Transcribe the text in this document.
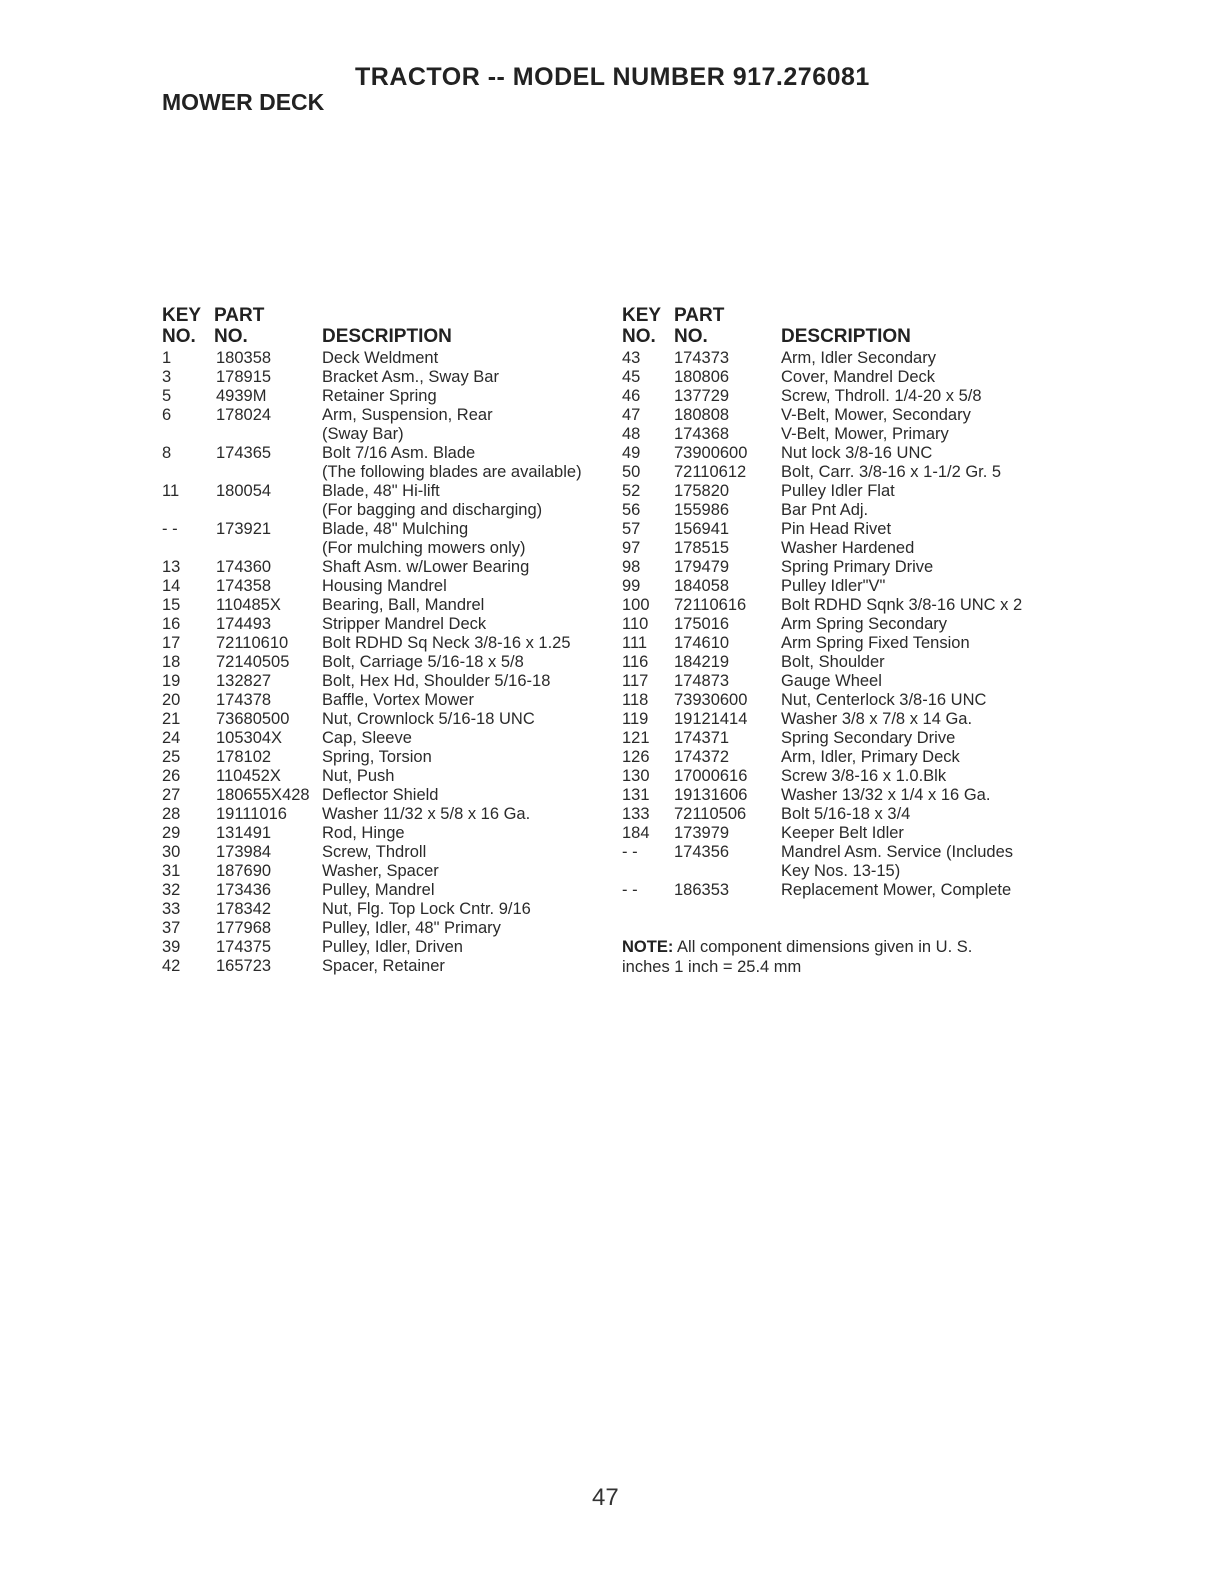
TRACTOR -- MODEL NUMBER 917.276081
MOWER DECK
KEY PART
NO. NO.	DESCRIPTION
1	180358	Deck Weldment
3	178915	Bracket Asm., Sway Bar
5	4939M	Retainer Spring
6	178024	Arm, Suspension, Rear
(Sway Bar)
8	174365	Bolt 7/16 Asm. Blade
(The following blades are available)
11 180054	Blade, 48" Hi-lift
(For bagging and discharging)
- - 173921	Blade, 48" Mulching
(For mulching mowers only)
13 174360	Shaft Asm. w/Lower Bearing
14 174358	Housing Mandrel
15 110485X Bearing, Ball, Mandrel
16 174493	Stripper Mandrel Deck
17 72110610 Bolt RDHD Sq Neck 3/8-16 x 1.25
18 72140505 Bolt, Carriage 5/16-18 x 5/8
19 132827	Bolt, Hex Hd, Shoulder 5/16-18
20 174378	Baffle, Vortex Mower
21 73680500 Nut, Crownlock 5/16-18 UNC
24 105304X Cap, Sleeve
25 178102	Spring, Torsion
26 110452X Nut, Push
27 180655X428 Deflector Shield
28 19111016 Washer 11/32 x 5/8 x 16 Ga.
29 131491	Rod, Hinge
30 173984	Screw, Thdroll
31 187690	Washer, Spacer
32 173436	Pulley, Mandrel
33 178342	Nut, Flg. Top Lock Cntr. 9/16
37 177968	Pulley, Idler, 48" Primary
39 174375	Pulley, Idler, Driven
42 165723	Spacer, Retainer
KEY PART
NO. NO.	DESCRIPTION
43 174373	Arm, Idler Secondary
45 180806	Cover, Mandrel Deck
46 137729	Screw, Thdroll. 1/4-20 x 5/8
47 180808	V-Belt, Mower, Secondary
48 174368	V-Belt, Mower, Primary
49 73900600 Nut lock 3/8-16 UNC
50 72110612 Bolt, Carr. 3/8-16 x 1-1/2 Gr. 5
52 175820	Pulley Idler Flat
56 155986	Bar Pnt Adj.
57 156941	Pin Head Rivet
97 178515	Washer Hardened
98 179479	Spring Primary Drive
99 184058	Pulley Idler"V"
100 72110616 Bolt RDHD Sqnk 3/8-16 UNC x 2
110 175016	Arm Spring Secondary
111 174610	Arm Spring Fixed Tension
116 184219	Bolt, Shoulder
117 174873	Gauge Wheel
118 73930600 Nut, Centerlock 3/8-16 UNC
119 19121414 Washer 3/8 x 7/8 x 14 Ga.
121 174371	Spring Secondary Drive
126 174372	Arm, Idler, Primary Deck
130 17000616 Screw 3/8-16 x 1.0.Blk
131 19131606 Washer 13/32 x 1/4 x 16 Ga.
133 72110506 Bolt 5/16-18 x 3/4
184 173979	Keeper Belt Idler
- - 174356	Mandrel Asm. Service (Includes
Key Nos. 13-15)
- - 186353	Replacement Mower, Complete
NOTE: All component dimensions given in U. S.
inches 1 inch = 25.4 mm
47
